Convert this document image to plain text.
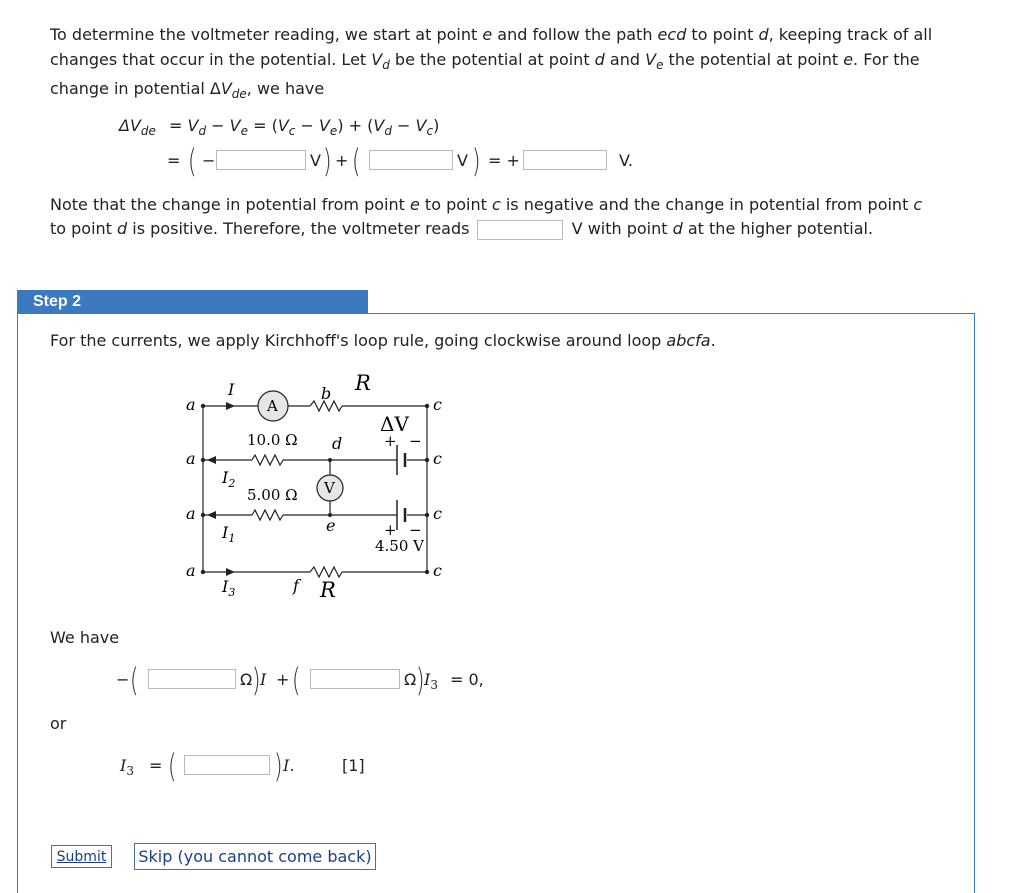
To determine the voltmeter reading, we start at point e and follow the path ecd to point d, keeping track of all
changes that occur in the potential. Let $V_d$ be the potential at point d and $V_e$ the potential at point e. For the
change in potential $\Delta V_{de}$, we have
$\Delta V_{de} = V_d - V_e = (V_c - V_e) + (V_d - V_c)$
= ( −	V ) + (	V ) = +	V.
Note that the change in potential from point e to point c is negative and the change in potential from point c
to point d is positive. Therefore, the voltmeter reads	V with point d at the higher potential.
Step 2
For the currents, we apply Kirchhoff's loop rule, going clockwise around loop abcfa.
a
a
a
a
c
c
c
c
b
d
e
f
I
$I_2$
$I_1$
$I_3$
R
R
A
V
10.0 Ω
5.00 Ω
ΔV
4.50 V
+ −
+ −
We have
− (	Ω ) I + (	Ω ) $I_3 = 0$,
or
$I_3$ = (	) I.	[1]
Submit	Skip (you cannot come back)
